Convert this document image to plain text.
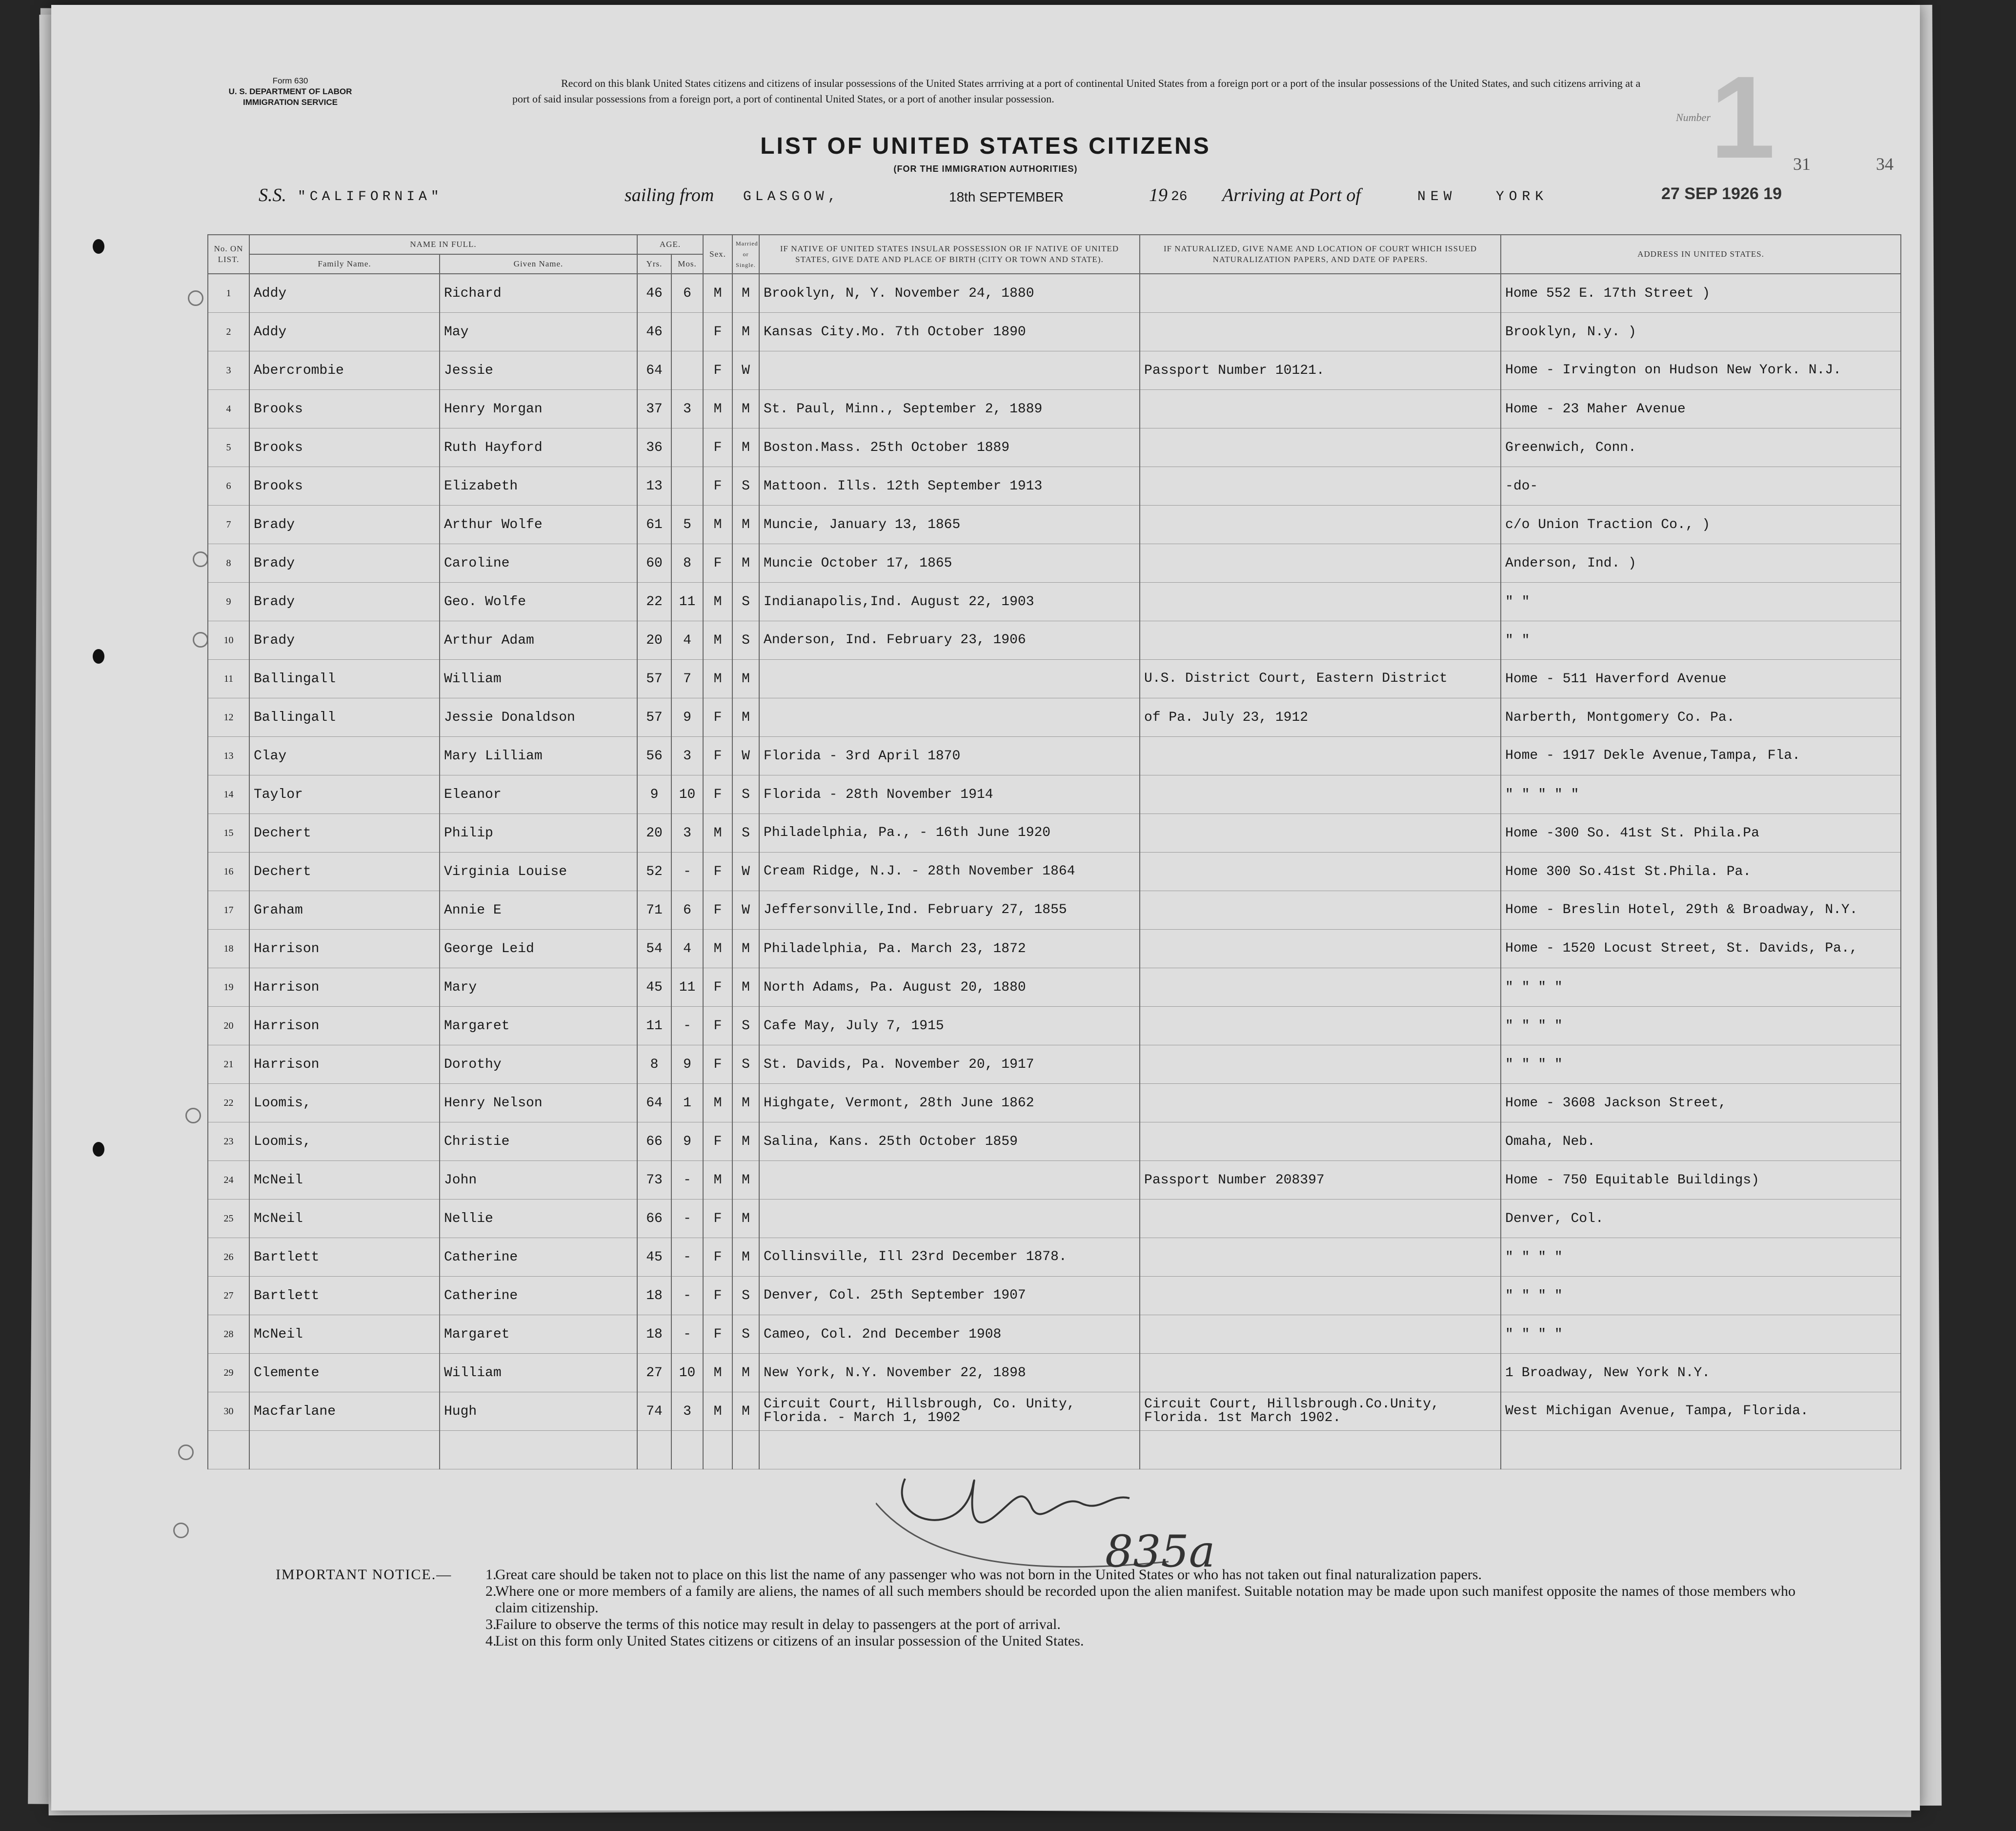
Form 630
U. S. DEPARTMENT OF LABOR
IMMIGRATION SERVICE
Record on this blank United States citizens and citizens of insular possessions of the United States arrriving at a port of continental United States from a foreign port or a port of the insular possessions of the United States, and such citizens arriving at a port of said insular possessions from a foreign port, a port of continental United States, or a port of another insular possession.
LIST OF UNITED STATES CITIZENS
(FOR THE IMMIGRATION AUTHORITIES)	1
Number
31	34
S.S. "CALIFORNIA"	sailing from GLASGOW,	18th SEPTEMBER	19 26 Arriving at Port of	NEW   YORK	27 SEP 1926 19
No. ON LIST.	NAME IN FULL.		AGE.		Sex.	Married or Single.	IF NATIVE OF UNITED STATES INSULAR POSSESSION OR IF NATIVE OF UNITED STATES, GIVE DATE AND PLACE OF BIRTH (CITY OR TOWN AND STATE).	IF NATURALIZED, GIVE NAME AND LOCATION OF COURT WHICH ISSUED NATURALIZATION PAPERS, AND DATE OF PAPERS.	ADDRESS IN UNITED STATES.
	Family Name.	Given Name.	Yrs.	Mos.					
1	Addy	Richard	46	6	M	M	Brooklyn, N, Y. November 24, 1880		Home 552 E. 17th Street )
2	Addy	May	46		F	M	Kansas City.Mo. 7th October 1890		Brooklyn, N.y. )
3	Abercrombie	Jessie	64		F	W		Passport Number 10121.	Home - Irvington on Hudson New York. N.J.
4	Brooks	Henry Morgan	37	3	M	M	St. Paul, Minn., September 2, 1889		Home - 23 Maher Avenue
5	Brooks	Ruth Hayford	36		F	M	Boston.Mass. 25th October 1889		Greenwich, Conn.
6	Brooks	Elizabeth	13		F	S	Mattoon. Ills. 12th September 1913		-do-
7	Brady	Arthur Wolfe	61	5	M	M	Muncie, January 13, 1865		c/o Union Traction Co., )
8	Brady	Caroline	60	8	F	M	Muncie October 17, 1865		Anderson, Ind. )
9	Brady	Geo. Wolfe	22	11	M	S	Indianapolis,Ind. August 22, 1903		" "
10	Brady	Arthur Adam	20	4	M	S	Anderson, Ind. February 23, 1906		" "
11	Ballingall	William	57	7	M	M		U.S. District Court, Eastern District	Home - 511 Haverford Avenue
12	Ballingall	Jessie Donaldson	57	9	F	M		of Pa. July 23, 1912	Narberth, Montgomery Co. Pa.
13	Clay	Mary Lilliam	56	3	F	W	Florida - 3rd April 1870		Home - 1917 Dekle Avenue,Tampa, Fla.
14	Taylor	Eleanor	9	10	F	S	Florida - 28th November 1914		" " " " "
15	Dechert	Philip	20	3	M	S	Philadelphia, Pa., - 16th June 1920		Home -300 So. 41st St. Phila.Pa
16	Dechert	Virginia Louise	52	-	F	W	Cream Ridge, N.J. - 28th November 1864		Home 300 So.41st St.Phila. Pa.
17	Graham	Annie E	71	6	F	W	Jeffersonville,Ind. February 27, 1855		Home - Breslin Hotel, 29th & Broadway, N.Y.
18	Harrison	George Leid	54	4	M	M	Philadelphia, Pa. March 23, 1872		Home - 1520 Locust Street, St. Davids, Pa.,
19	Harrison	Mary	45	11	F	M	North Adams, Pa. August 20, 1880		" " " "
20	Harrison	Margaret	11	-	F	S	Cafe May, July 7, 1915		" " " "
21	Harrison	Dorothy	8	9	F	S	St. Davids, Pa. November 20, 1917		" " " "
22	Loomis,	Henry Nelson	64	1	M	M	Highgate, Vermont, 28th June 1862		Home - 3608 Jackson Street,
23	Loomis,	Christie	66	9	F	M	Salina, Kans. 25th October 1859		Omaha, Neb.
24	McNeil	John	73	-	M	M		Passport Number 208397	Home - 750 Equitable Buildings)
25	McNeil	Nellie	66	-	F	M			Denver, Col.
26	Bartlett	Catherine	45	-	F	M	Collinsville, Ill 23rd December 1878.		" " " "
27	Bartlett	Catherine	18	-	F	S	Denver, Col. 25th September 1907		" " " "
28	McNeil	Margaret	18	-	F	S	Cameo, Col. 2nd December 1908		" " " "
29	Clemente	William	27	10	M	M	New York, N.Y. November 22, 1898		1 Broadway, New York N.Y.
30	Macfarlane	Hugh	74	3	M	M	Circuit Court, Hillsbrough, Co. Unity, Florida. - March 1, 1902	Circuit Court, Hillsbrough.Co.Unity, Florida. 1st March 1902.	West Michigan Avenue, Tampa, Florida.

835a
IMPORTANT NOTICE.— 1.
Great care should be taken not to place on this list the name of any passenger who was not born in the United States or who has not taken out final naturalization papers.
2.
Where one or more members of a family are aliens, the names of all such members should be recorded upon the alien manifest. Suitable notation may be made upon such manifest opposite the names of those members who claim citizenship.
3.
Failure to observe the terms of this notice may result in delay to passengers at the port of arrival.
4.
List on this form only United States citizens or citizens of an insular possession of the United States.
